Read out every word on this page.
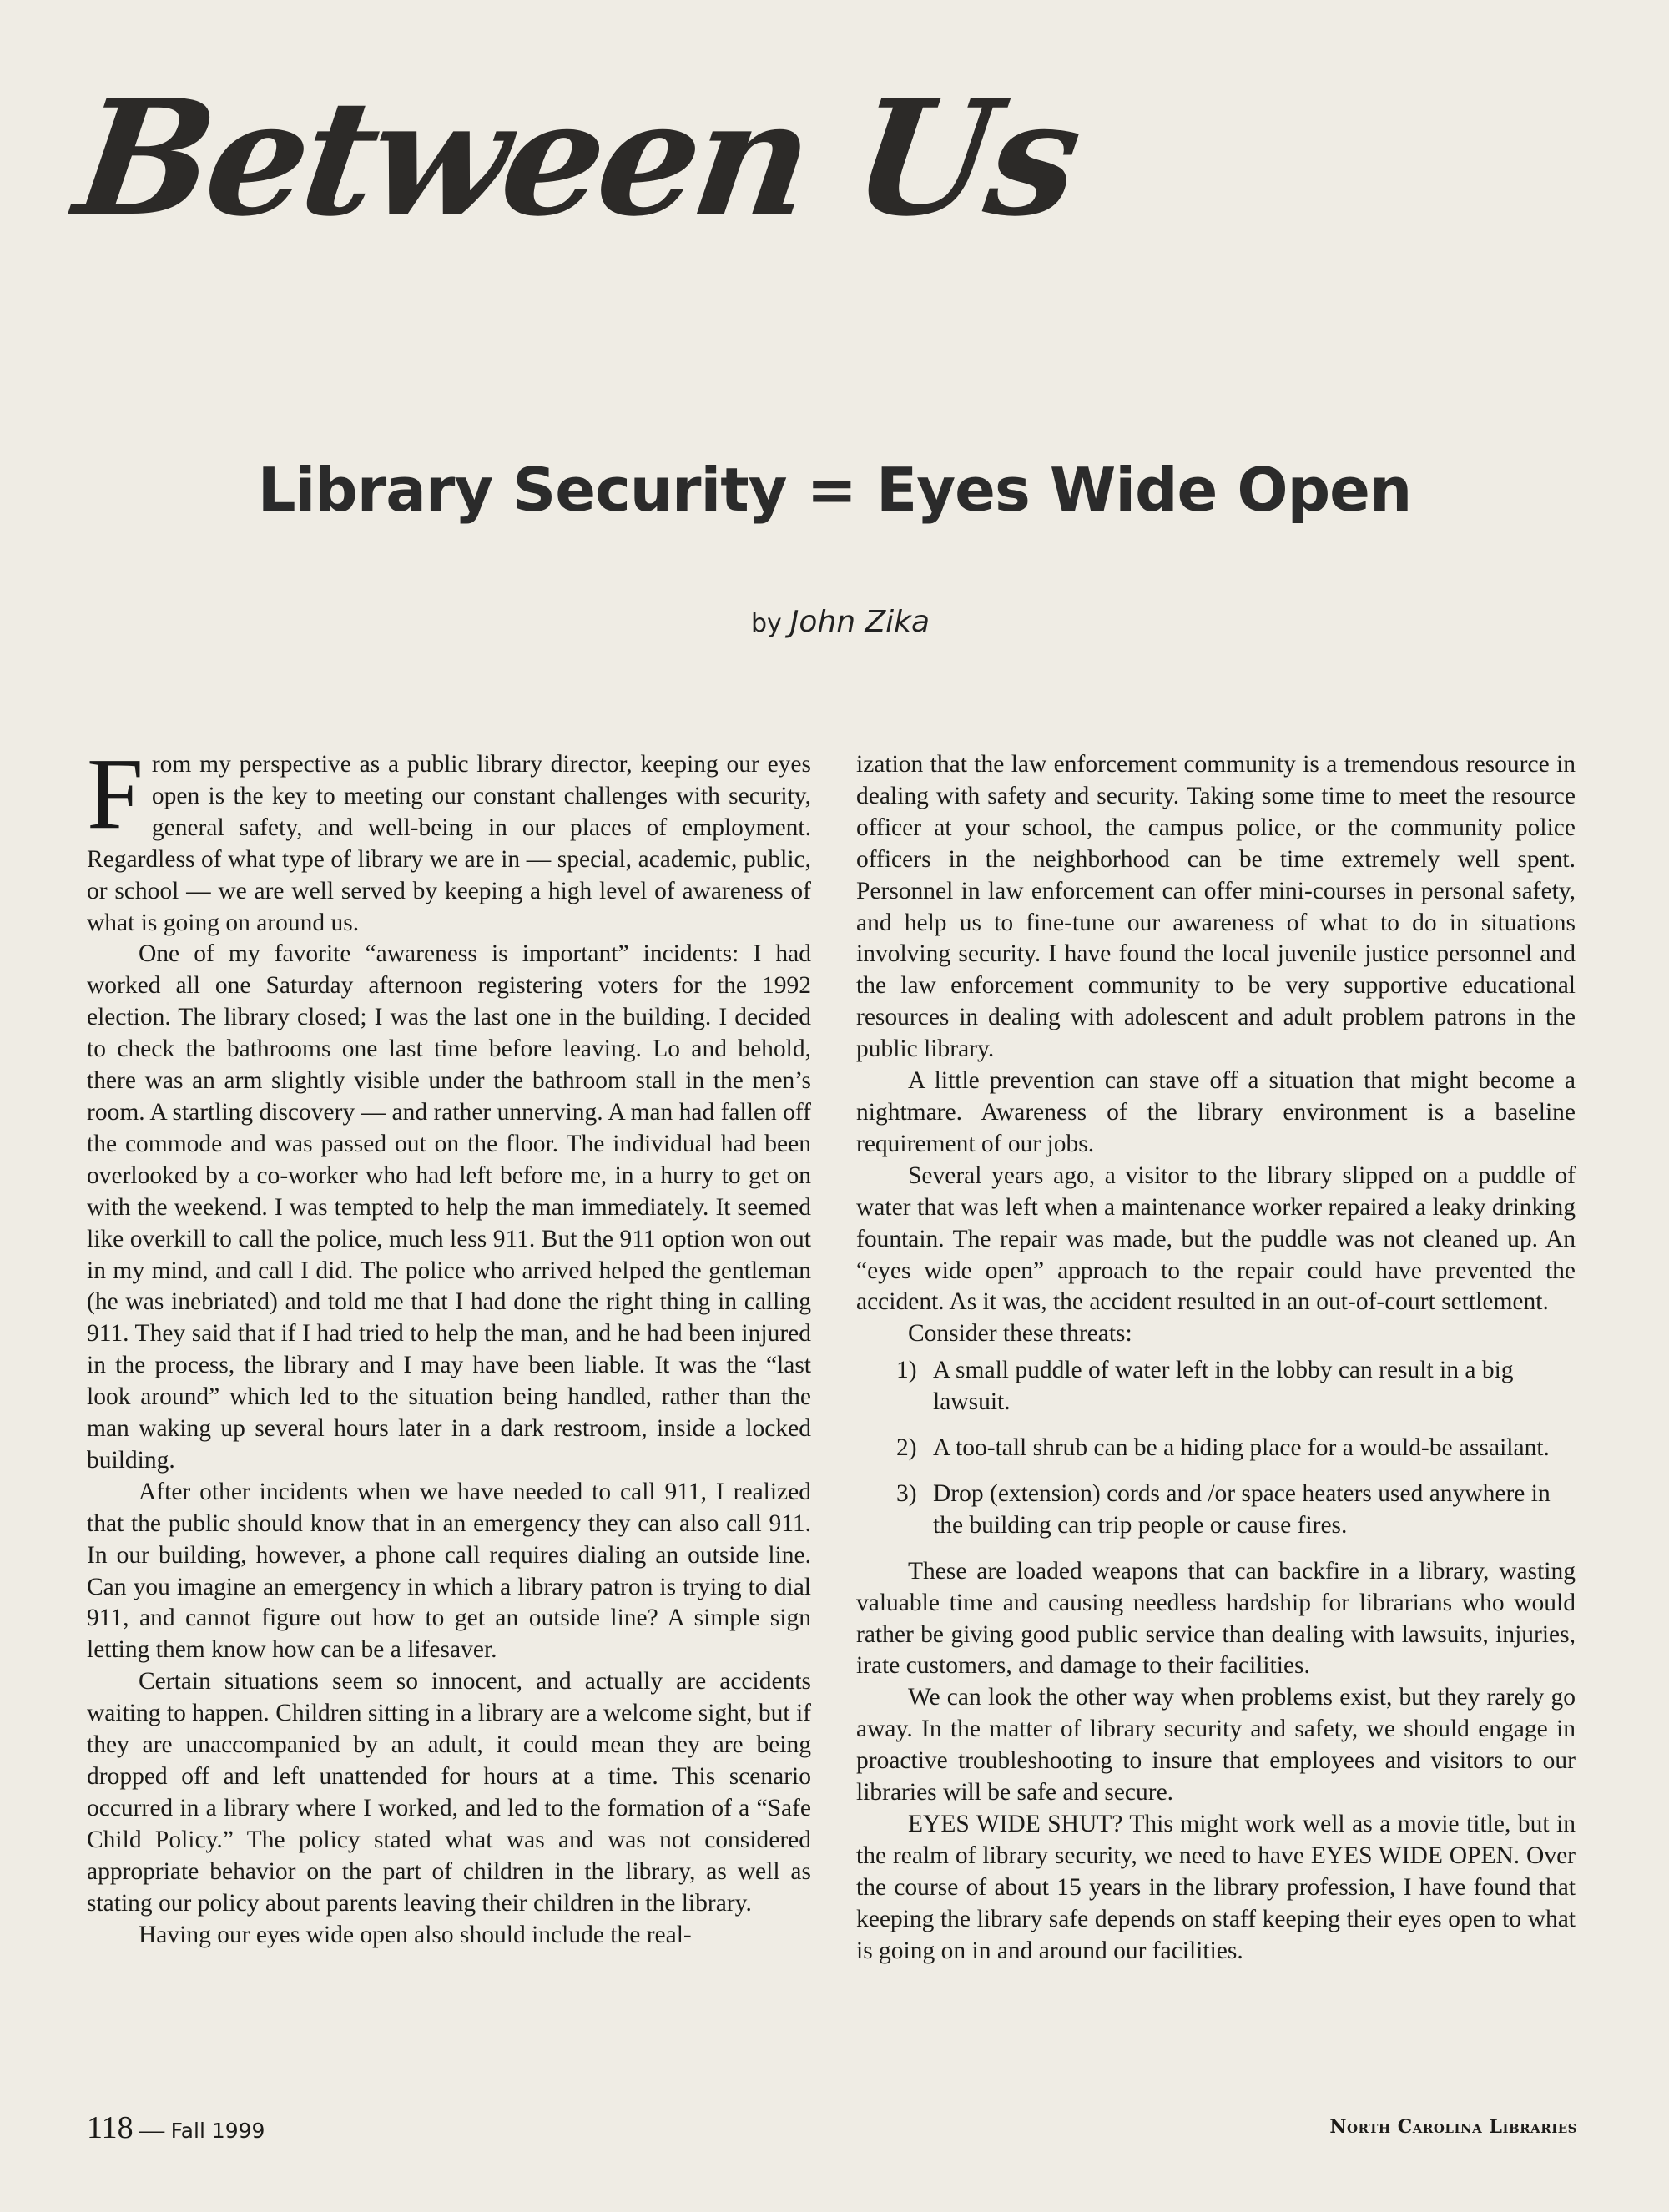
Between Us
Library Security = Eyes Wide Open
by John Zika

From my perspective as a public library director, keeping our eyes open is the key to meeting our constant challenges with security, general safety, and well-being in our places of employment. Regardless of what type of library we are in — special, academic, public, or school — we are well served by keeping a high level of awareness of what is going on around us.

One of my favorite “awareness is important” incidents: I had worked all one Saturday afternoon registering voters for the 1992 election. The library closed; I was the last one in the building. I decided to check the bathrooms one last time before leaving. Lo and behold, there was an arm slightly visible under the bathroom stall in the men’s room. A startling discovery — and rather unnerving. A man had fallen off the commode and was passed out on the floor. The individual had been overlooked by a co-worker who had left before me, in a hurry to get on with the weekend. I was tempted to help the man immediately. It seemed like overkill to call the police, much less 911. But the 911 option won out in my mind, and call I did. The police who arrived helped the gentleman (he was inebriated) and told me that I had done the right thing in calling 911. They said that if I had tried to help the man, and he had been injured in the process, the library and I may have been liable. It was the “last look around” which led to the situation being handled, rather than the man waking up several hours later in a dark restroom, inside a locked building.

After other incidents when we have needed to call 911, I realized that the public should know that in an emergency they can also call 911. In our building, however, a phone call requires dialing an outside line. Can you imagine an emergency in which a library patron is trying to dial 911, and cannot figure out how to get an outside line? A simple sign letting them know how can be a lifesaver.

Certain situations seem so innocent, and actually are accidents waiting to happen. Children sitting in a library are a welcome sight, but if they are unaccompanied by an adult, it could mean they are being dropped off and left unattended for hours at a time. This scenario occurred in a library where I worked, and led to the formation of a “Safe Child Policy.” The policy stated what was and was not considered appropriate behavior on the part of children in the library, as well as stating our policy about parents leaving their children in the library.

Having our eyes wide open also should include the real-

ization that the law enforcement community is a tremendous resource in dealing with safety and security. Taking some time to meet the resource officer at your school, the campus police, or the community police officers in the neighborhood can be time extremely well spent. Personnel in law enforcement can offer mini-courses in personal safety, and help us to fine-tune our awareness of what to do in situations involving security. I have found the local juvenile justice personnel and the law enforcement community to be very supportive educational resources in dealing with adolescent and adult problem patrons in the public library.

A little prevention can stave off a situation that might become a nightmare. Awareness of the library environment is a baseline requirement of our jobs.

Several years ago, a visitor to the library slipped on a puddle of water that was left when a maintenance worker repaired a leaky drinking fountain. The repair was made, but the puddle was not cleaned up. An “eyes wide open” approach to the repair could have prevented the accident. As it was, the accident resulted in an out-of-court settlement.

Consider these threats:

1) A small puddle of water left in the lobby can result in a big lawsuit.
2) A too-tall shrub can be a hiding place for a would-be assailant.
3) Drop (extension) cords and /or space heaters used anywhere in the building can trip people or cause fires.

These are loaded weapons that can backfire in a library, wasting valuable time and causing needless hardship for librarians who would rather be giving good public service than dealing with lawsuits, injuries, irate customers, and damage to their facilities.

We can look the other way when problems exist, but they rarely go away. In the matter of library security and safety, we should engage in proactive troubleshooting to insure that employees and visitors to our libraries will be safe and secure.

EYES WIDE SHUT? This might work well as a movie title, but in the realm of library security, we need to have EYES WIDE OPEN. Over the course of about 15 years in the library profession, I have found that keeping the library safe depends on staff keeping their eyes open to what is going on in and around our facilities.

118 — Fall 1999	North Carolina Libraries
